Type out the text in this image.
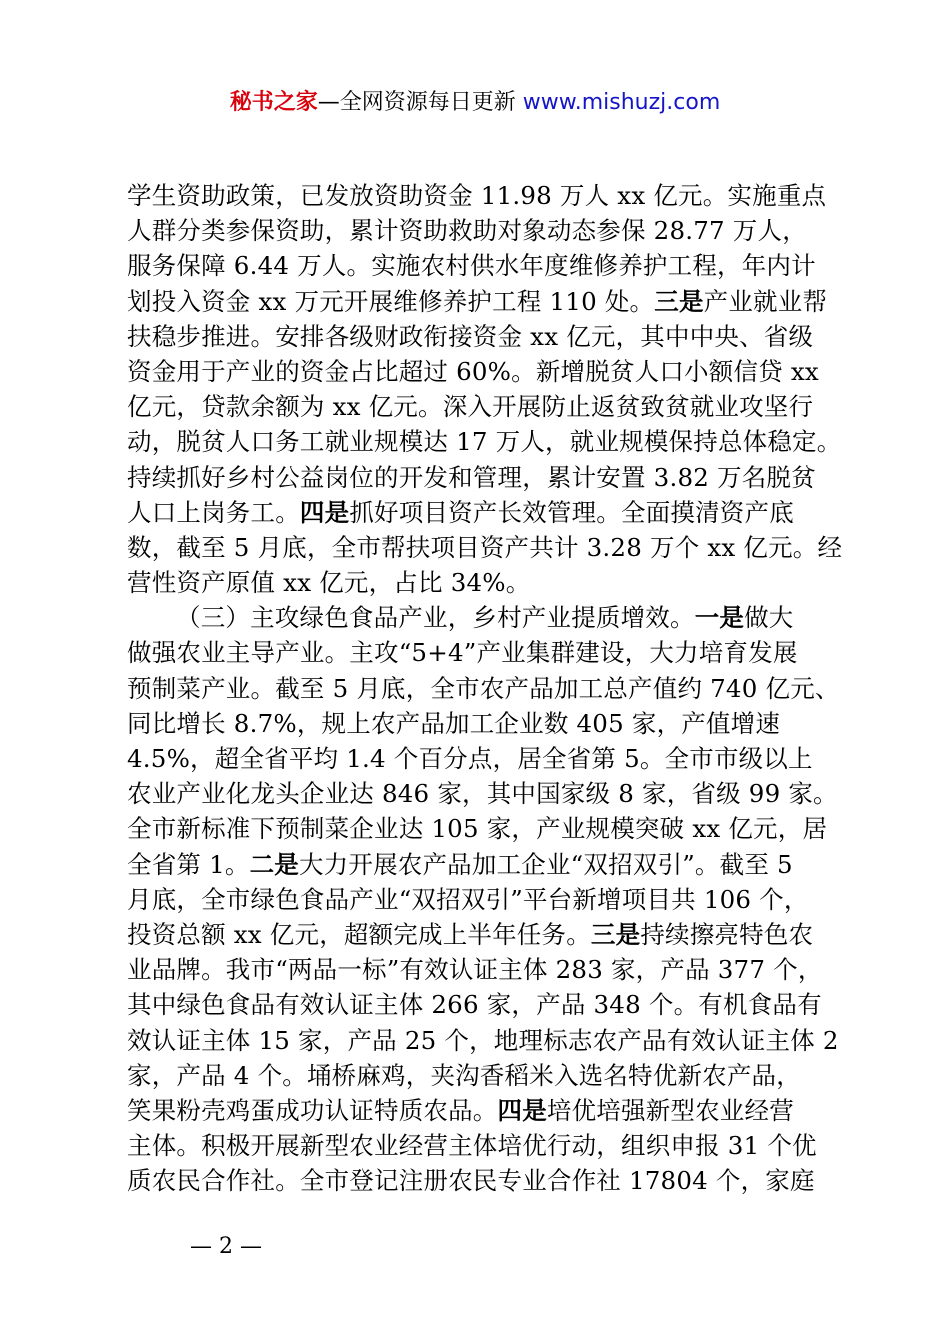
秘书之家—全网资源每日更新 www.mishuzj.com
学生资助政策，已发放资助资金 11.98 万人 xx 亿元。实施重点
人群分类参保资助，累计资助救助对象动态参保 28.77 万人，
服务保障 6.44 万人。实施农村供水年度维修养护工程，年内计
划投入资金 xx 万元开展维修养护工程 110 处。三是产业就业帮
扶稳步推进。安排各级财政衔接资金 xx 亿元，其中中央、省级
资金用于产业的资金占比超过 60%。新增脱贫人口小额信贷 xx
亿元，贷款余额为 xx 亿元。深入开展防止返贫致贫就业攻坚行
动，脱贫人口务工就业规模达 17 万人，就业规模保持总体稳定。
持续抓好乡村公益岗位的开发和管理，累计安置 3.82 万名脱贫
人口上岗务工。四是抓好项目资产长效管理。全面摸清资产底
数，截至 5 月底，全市帮扶项目资产共计 3.28 万个 xx 亿元。经
营性资产原值 xx 亿元，占比 34%。
（三）主攻绿色食品产业，乡村产业提质增效。一是做大
做强农业主导产业。主攻“5+4”产业集群建设，大力培育发展
预制菜产业。截至 5 月底，全市农产品加工总产值约 740 亿元、
同比增长 8.7%，规上农产品加工企业数 405 家，产值增速
4.5%，超全省平均 1.4 个百分点，居全省第 5。全市市级以上
农业产业化龙头企业达 846 家，其中国家级 8 家，省级 99 家。
全市新标准下预制菜企业达 105 家，产业规模突破 xx 亿元，居
全省第 1。二是大力开展农产品加工企业“双招双引”。截至 5
月底，全市绿色食品产业“双招双引”平台新增项目共 106 个，
投资总额 xx 亿元，超额完成上半年任务。三是持续擦亮特色农
业品牌。我市“两品一标”有效认证主体 283 家，产品 377 个，
其中绿色食品有效认证主体 266 家，产品 348 个。有机食品有
效认证主体 15 家，产品 25 个，地理标志农产品有效认证主体 2
家，产品 4 个。埇桥麻鸡，夹沟香稻米入选名特优新农产品，
笑果粉壳鸡蛋成功认证特质农品。四是培优培强新型农业经营
主体。积极开展新型农业经营主体培优行动，组织申报 31 个优
质农民合作社。全市登记注册农民专业合作社 17804 个，家庭
— 2 —
